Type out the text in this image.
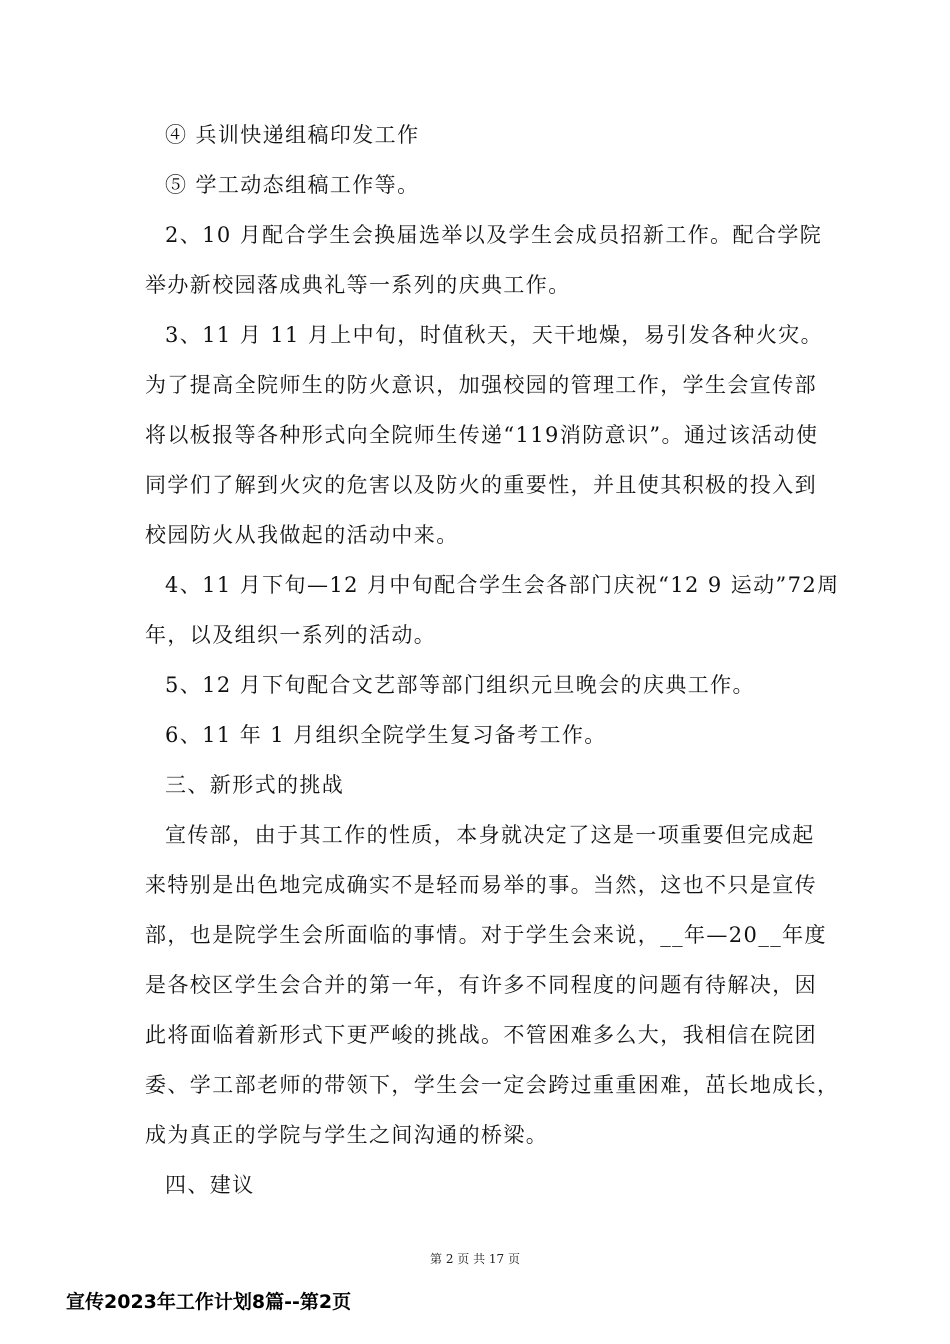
④ 兵训快递组稿印发工作

⑤ 学工动态组稿工作等。

2、10 月配合学生会换届选举以及学生会成员招新工作。配合学院

举办新校园落成典礼等一系列的庆典工作。

3、11 月 11 月上中旬，时值秋天，天干地燥，易引发各种火灾。

为了提高全院师生的防火意识，加强校园的管理工作，学生会宣传部

将以板报等各种形式向全院师生传递“119消防意识”。通过该活动使

同学们了解到火灾的危害以及防火的重要性，并且使其积极的投入到

校园防火从我做起的活动中来。

4、11 月下旬—12 月中旬配合学生会各部门庆祝“12 9 运动”72周

年，以及组织一系列的活动。

5、12 月下旬配合文艺部等部门组织元旦晚会的庆典工作。

6、11 年 1 月组织全院学生复习备考工作。

三、新形式的挑战

宣传部，由于其工作的性质，本身就决定了这是一项重要但完成起

来特别是出色地完成确实不是轻而易举的事。当然，这也不只是宣传

部，也是院学生会所面临的事情。对于学生会来说，__年—20__年度

是各校区学生会合并的第一年，有许多不同程度的问题有待解决，因

此将面临着新形式下更严峻的挑战。不管困难多么大，我相信在院团

委、学工部老师的带领下，学生会一定会跨过重重困难，茁长地成长，

成为真正的学院与学生之间沟通的桥梁。

四、建议

第 2 页 共 17 页
宣传2023年工作计划8篇--第2页
